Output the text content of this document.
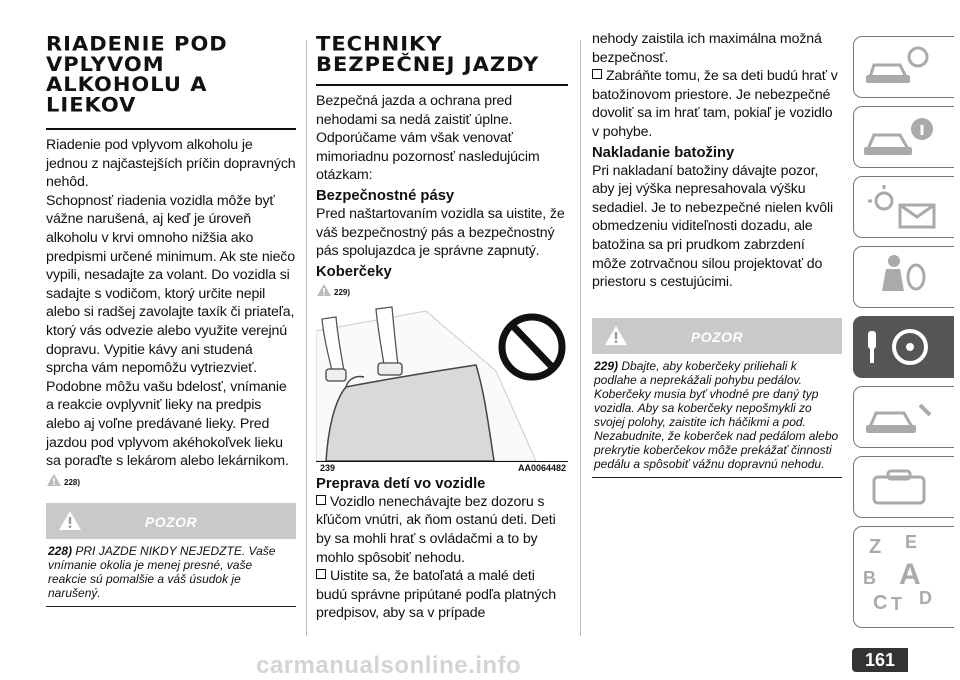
RIADENIE POD
VPLYVOM
ALKOHOLU A
LIEKOV

Riadenie pod vplyvom alkoholu je jednou z najčastejších príčin dopravných nehôd.

Schopnosť riadenia vozidla môže byť vážne narušená, aj keď je úroveň alkoholu v krvi omnoho nižšia ako predpismi určené minimum. Ak ste niečo vypili, nesadajte za volant. Do vozidla si sadajte s vodičom, ktorý určite nepil alebo si radšej zavolajte taxík či priateľa, ktorý vás odvezie alebo využite verejnú dopravu. Vypitie kávy ani studená sprcha vám nepomôžu vytriezvieť.

Podobne môžu vašu bdelosť, vnímanie a reakcie ovplyvniť lieky na predpis alebo aj voľne predávané lieky. Pred jazdou pod vplyvom akéhokoľvek lieku sa poraďte s lekárom alebo lekárnikom.

228)
POZOR
228) PRI JAZDE NIKDY NEJEDZTE. Vaše vnímanie okolia je menej presné, vaše reakcie sú pomalšie a váš úsudok je narušený.
TECHNIKY
BEZPEČNEJ JAZDY

Bezpečná jazda a ochrana pred nehodami sa nedá zaistiť úplne. Odporúčame vám však venovať mimoriadnu pozornosť nasledujúcim otázkam:

Bezpečnostné pásy

Pred naštartovaním vozidla sa uistite, že váš bezpečnostný pás a bezpečnostný pás spolujazdca je správne zapnutý.

Koberčeky
229)
239	AA0064482
Preprava detí vo vozidle

Vozidlo nenechávajte bez dozoru s kľúčom vnútri, ak ňom ostanú deti. Deti by sa mohli hrať s ovládačmi a to by mohlo spôsobiť nehodu.

Uistite sa, že batoľatá a malé deti budú správne pripútané podľa platných predpisov, aby sa v prípade

nehody zaistila ich maximálna možná bezpečnosť.

Zabráňte tomu, že sa deti budú hrať v batožinovom priestore. Je nebezpečné dovoliť sa im hrať tam, pokiaľ je vozidlo v pohybe.

Nakladanie batožiny

Pri nakladaní batožiny dávajte pozor, aby jej výška nepresahovala výšku sedadiel. Je to nebezpečné nielen kvôli obmedzeniu viditeľnosti dozadu, ale batožina sa pri prudkom zabrzdení môže zotrvačnou silou projektovať do priestoru s cestujúcimi.

POZOR
229) Dbajte, aby koberčeky priliehali k podlahe a neprekážali pohybu pedálov. Koberčeky musia byť vhodné pre daný typ vozidla. Aby sa koberčeky nepošmykli zo svojej polohy, zaistite ich háčikmi a pod. Nezabudnite, že koberček nad pedálom alebo prekrytie koberčekov môže prekážať činnosti pedálu a spôsobiť vážnu dopravnú nehodu.
Z E
B A
C T D
161
carmanualsonline.info
